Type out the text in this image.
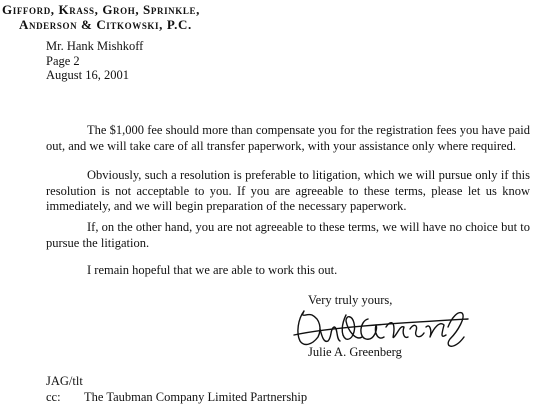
Gifford, Krass, Groh, Sprinkle,
Anderson & Citkowski, P.C.
Mr. Hank Mishkoff
Page 2
August 16, 2001
The $1,000 fee should more than compensate you for the registration fees you have paid
out, and we will take care of all transfer paperwork, with your assistance only where required.
Obviously, such a resolution is preferable to litigation, which we will pursue only if this
resolution is not acceptable to you. If you are agreeable to these terms, please let us know
immediately, and we will begin preparation of the necessary paperwork.
If, on the other hand, you are not agreeable to these terms, we will have no choice but to
pursue the litigation.
I remain hopeful that we are able to work this out.
Very truly yours,
Julie A. Greenberg
JAG/tlt
cc: The Taubman Company Limited Partnership
